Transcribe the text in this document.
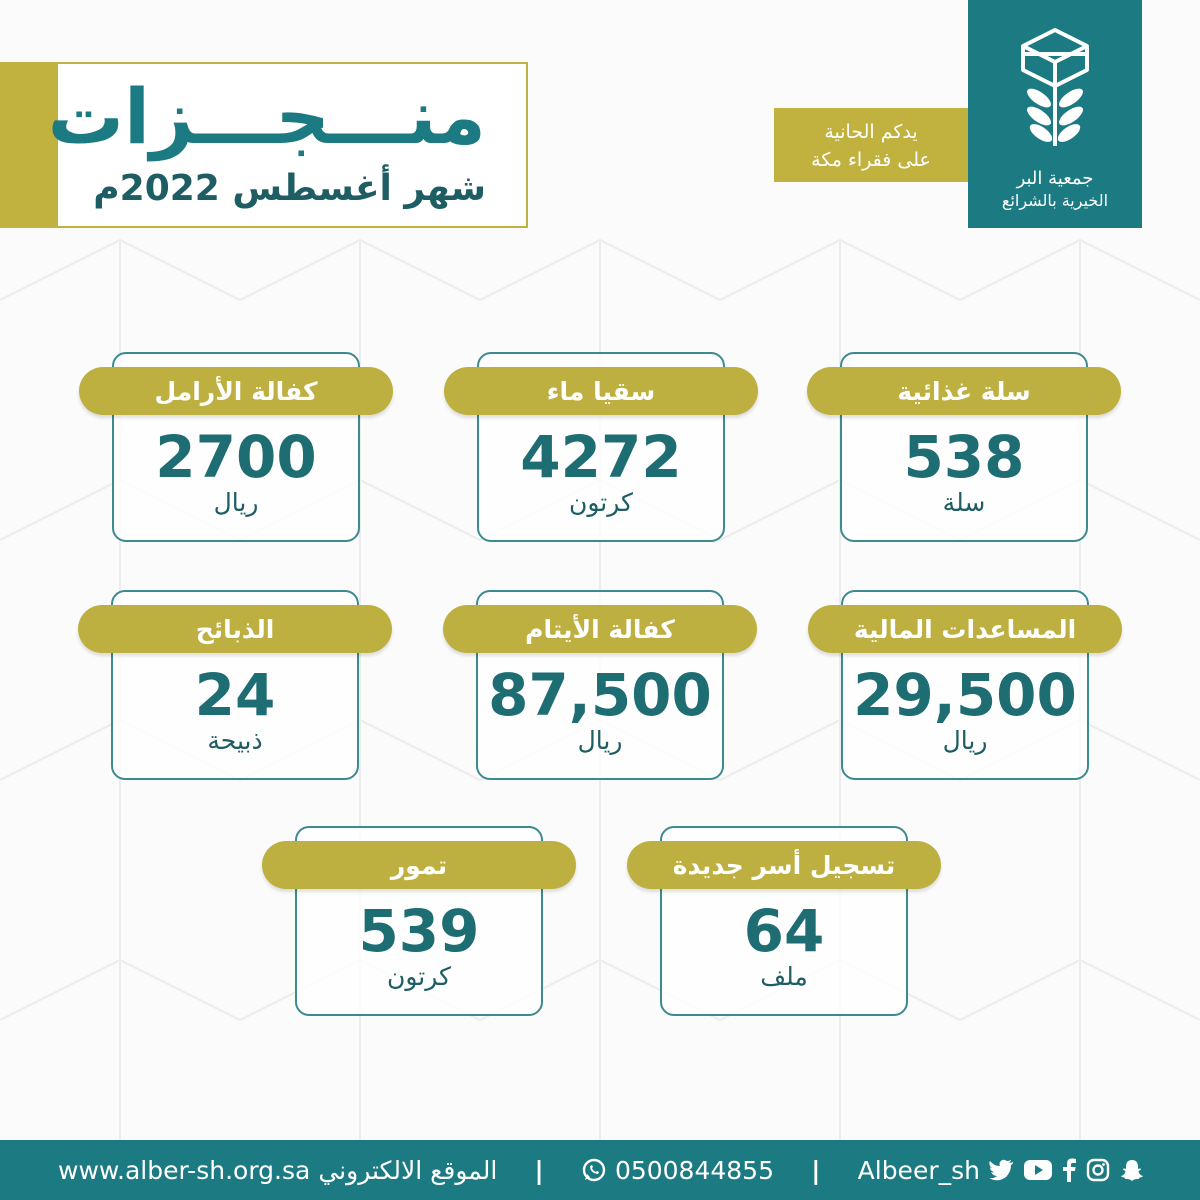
منـــجـــزات
شهر أغسطس 2022م
يدكم الحانية
على فقراء مكة
جمعية البر
الخيرية بالشرائع
سلة غذائية
538
سلة
سقيا ماء
4272
كرتون
كفالة الأرامل
2700
ريال
المساعدات المالية
29,500
ريال
كفالة الأيتام
87,500
ريال
الذبائح
24
ذبيحة
تسجيل أسر جديدة
64
ملف
تمور
539
كرتون
www.alber-sh.org.sa الموقع الالكتروني |	0500844855 | Albeer_sh
